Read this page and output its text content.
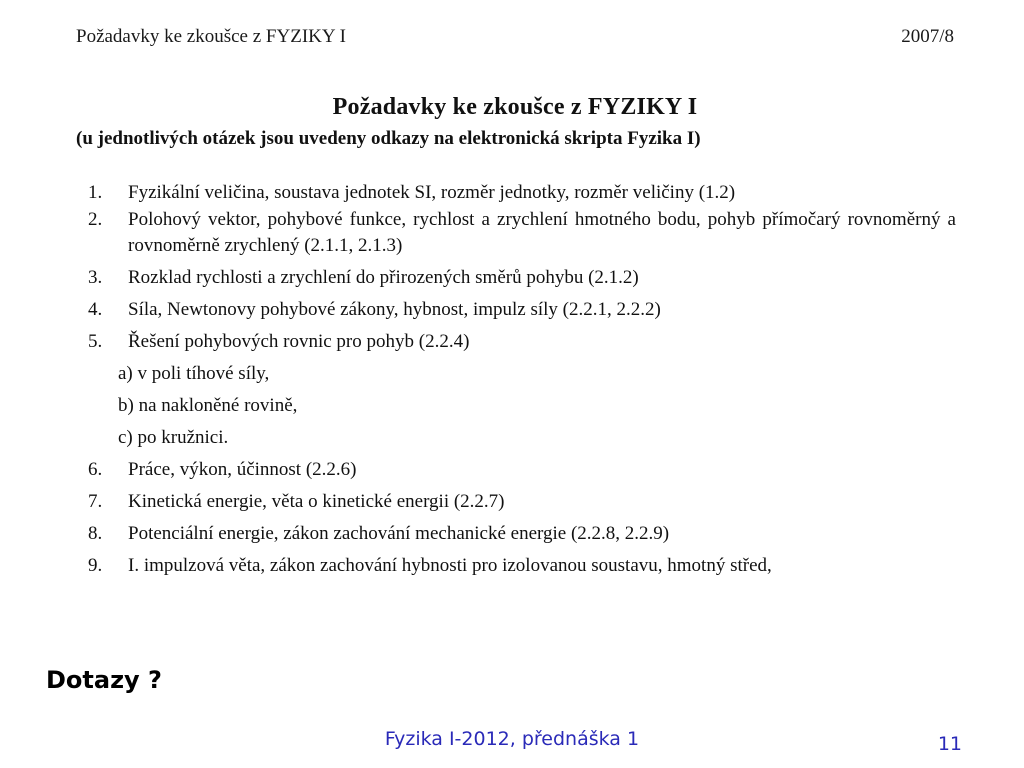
Požadavky ke zkoušce z FYZIKY I	2007/8
Požadavky ke zkoušce z FYZIKY I
(u jednotlivých otázek jsou uvedeny odkazy na elektronická skripta Fyzika I)
1.	Fyzikální veličina, soustava jednotek SI, rozměr jednotky, rozměr veličiny (1.2)
2.	Polohový vektor, pohybové funkce, rychlost a zrychlení hmotného bodu, pohyb přímočarý rovnoměrný a rovnoměrně zrychlený (2.1.1, 2.1.3)
3.	Rozklad rychlosti a zrychlení do přirozených směrů pohybu (2.1.2)
4.	Síla, Newtonovy pohybové zákony, hybnost, impulz síly (2.2.1, 2.2.2)
5.	Řešení pohybových rovnic pro pohyb (2.2.4)
a) v poli tíhové síly,
b) na nakloněné rovině,
c) po kružnici.
6.	Práce, výkon, účinnost (2.2.6)
7.	Kinetická energie, věta o kinetické energii (2.2.7)
8.	Potenciální energie, zákon zachování mechanické energie (2.2.8, 2.2.9)
9.	I. impulzová věta, zákon zachování hybnosti pro izolovanou soustavu, hmotný střed,
Dotazy ?
Fyzika I-2012, přednáška 1	11
